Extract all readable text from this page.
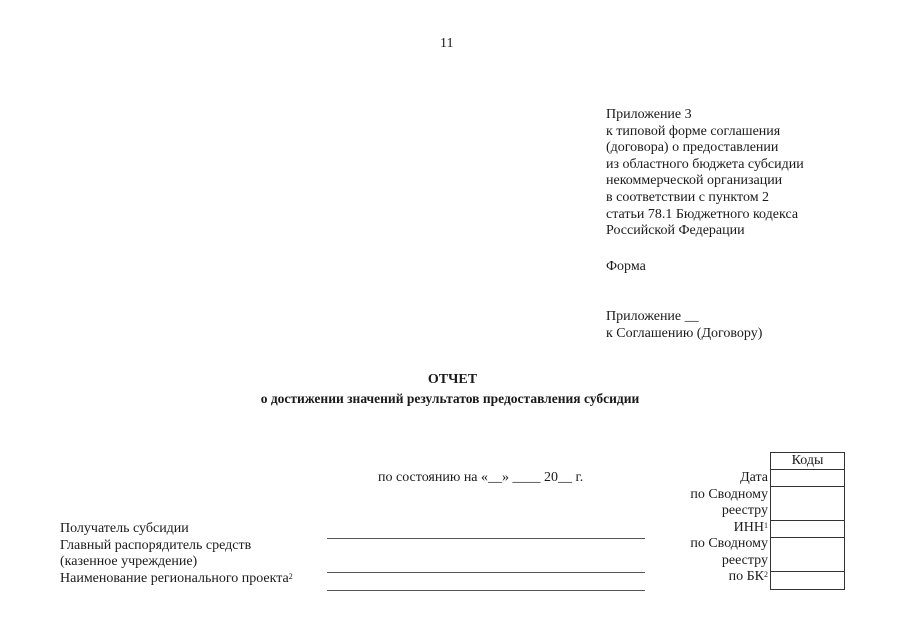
11
Приложение 3
к типовой форме соглашения
(договора) о предоставлении
из областного бюджета субсидии
некоммерческой организации
в соответствии с пунктом 2
статьи 78.1 Бюджетного кодекса
Российской Федерации
Форма
Приложение __
к Соглашению (Договору)
ОТЧЕТ
о достижении значений результатов предоставления субсидии
по состоянию на «__» ____ 20__ г.
Коды
Дата
по Сводному
реестру
ИНН$^1$
по Сводному
реестру
по $БК^2$
Получатель субсидии
Главный распорядитель средств
(казенное учреждение)
Наименование регионального проекта$^2$
